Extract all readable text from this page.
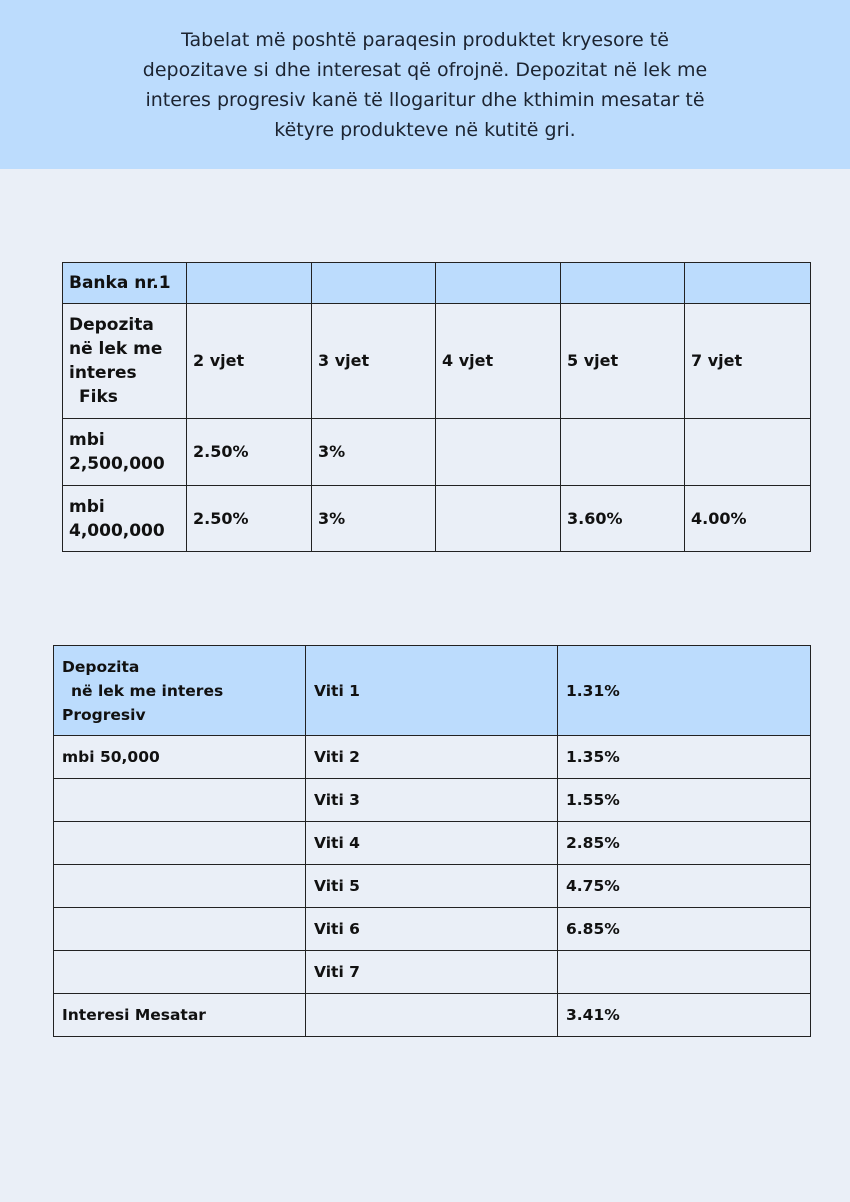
Tabelat më poshtë paraqesin produktet kryesore të
depozitave si dhe interesat që ofrojnë. Depozitat në lek me
interes progresiv kanë të llogaritur dhe kthimin mesatar të
këtyre produkteve në kutitë gri.

Banka nr.1					
Depozita
në lek me
interes
Fiks	2 vjet	3 vjet	4 vjet	5 vjet	7 vjet
mbi
2,500,000	2.50%	3%			
mbi
4,000,000	2.50%	3%		3.60%	4.00%
Depozita
në lek me interes
Progresiv	Viti 1	1.31%
mbi 50,000	Viti 2	1.35%
	Viti 3	1.55%
	Viti 4	2.85%
	Viti 5	4.75%
	Viti 6	6.85%
	Viti 7	
Interesi Mesatar		3.41%
